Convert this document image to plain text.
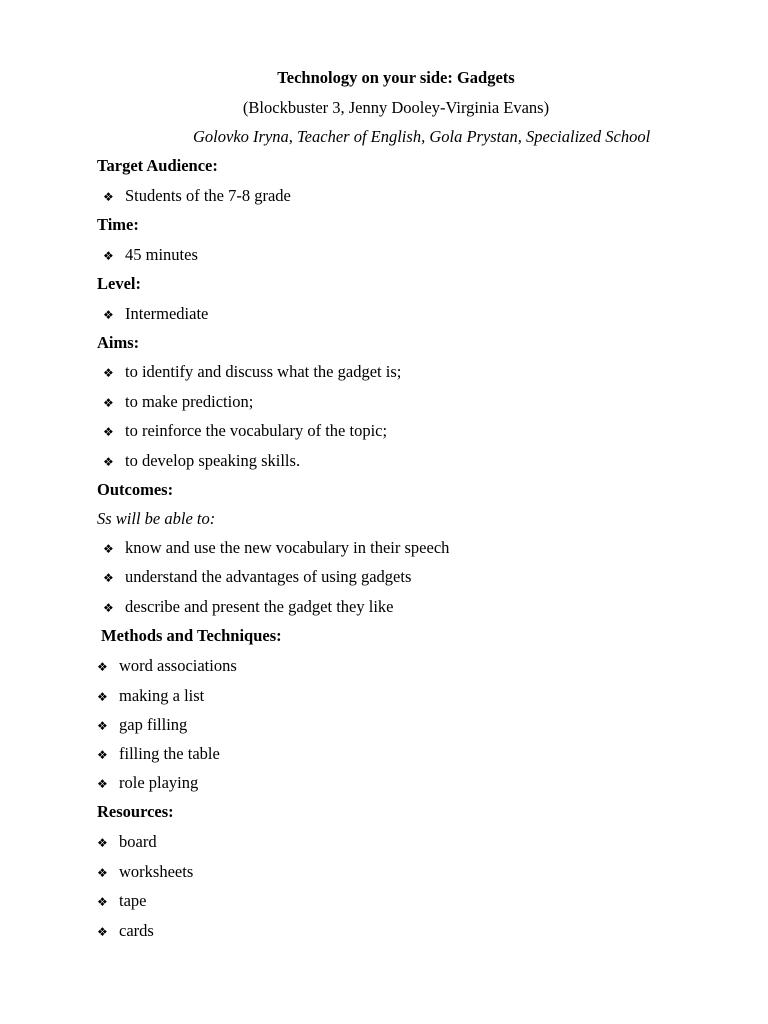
Technology on your side: Gadgets
(Blockbuster 3, Jenny Dooley-Virginia Evans)
Golovko Iryna, Teacher of English, Gola Prystan, Specialized School
Target Audience:
❖ Students of the 7-8 grade
Time:
❖ 45 minutes
Level:
❖ Intermediate
Aims:
❖ to identify and discuss what the gadget is;
❖ to make prediction;
❖ to reinforce the vocabulary of the topic;
❖ to develop speaking skills.
Outcomes:
Ss will be able to:
❖ know and use the new vocabulary in their speech
❖ understand the advantages of using gadgets
❖ describe and present the gadget they like
Methods and Techniques:
❖ word associations
❖ making a list
❖ gap filling
❖ filling the table
❖ role playing
Resources:
❖ board
❖ worksheets
❖ tape
❖ cards
